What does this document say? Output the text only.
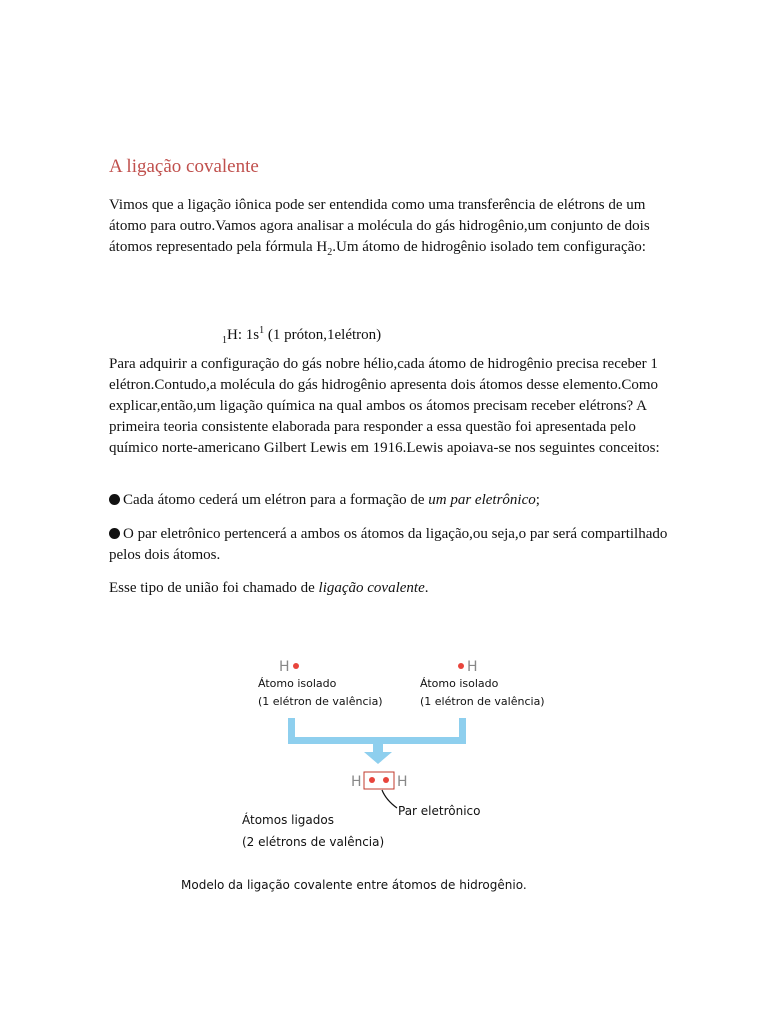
A ligação covalente

Vimos que a ligação iônica pode ser entendida como uma transferência de elétrons de um átomo para outro.Vamos agora analisar a molécula do gás hidrogênio,um conjunto de dois átomos representado pela fórmula $H_2.Um$ átomo de hidrogênio isolado tem configuração:

$_1$H: $1s^1$ (1 próton,1elétron)

Para adquirir a configuração do gás nobre hélio,cada átomo de hidrogênio precisa receber 1 elétron.Contudo,a molécula do gás hidrogênio apresenta dois átomos desse elemento.Como explicar,então,um ligação química na qual ambos os átomos precisam receber elétrons? A primeira teoria consistente elaborada para responder a essa questão foi apresentada pelo químico norte-americano Gilbert Lewis em 1916.Lewis apoiava-se nos seguintes conceitos:

Cada átomo cederá um elétron para a formação de um par eletrônico;
O par eletrônico pertencerá a ambos os átomos da ligação,ou seja,o par será compartilhado pelos dois átomos.

Esse tipo de união foi chamado de ligação covalente.

H
Átomo isolado
(1 elétron de valência)
H
Átomo isolado
(1 elétron de valência)
H	H
Par eletrônico
Átomos ligados
(2 elétrons de valência)
Modelo da ligação covalente entre átomos de hidrogênio.
